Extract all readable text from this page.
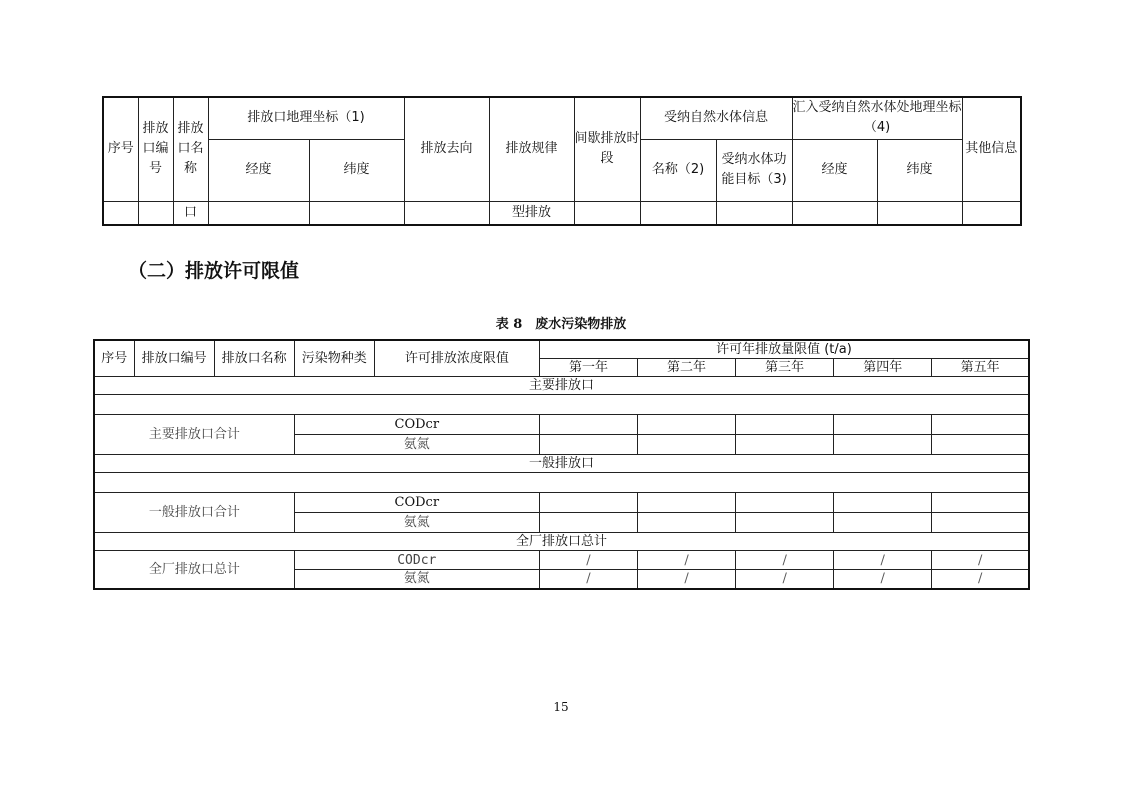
序号	排放口编号	排放口名称	排放口地理坐标（1)		排放去向	排放规律	间歇排放时段	受纳自然水体信息		汇入受纳自然水体处地理坐标（4)		其他信息
			经度	纬度				名称（2)	受纳水体功能目标（3)	经度	纬度	
		口				型排放						
（二）排放许可限值
表 8　废水污染物排放
序号	排放口编号	排放口名称	污染物种类	许可排放浓度限值	许可年排放量限值 (t/a)				
					第一年	第二年	第三年	第四年	第五年
主要排放口									

主要排放口合计			CODcr						
			氨氮						
一般排放口									

一般排放口合计			CODcr						
			氨氮						
全厂排放口总计									
全厂排放口总计			CODcr		/	/	/	/	/
			氨氮		/	/	/	/	/
15
